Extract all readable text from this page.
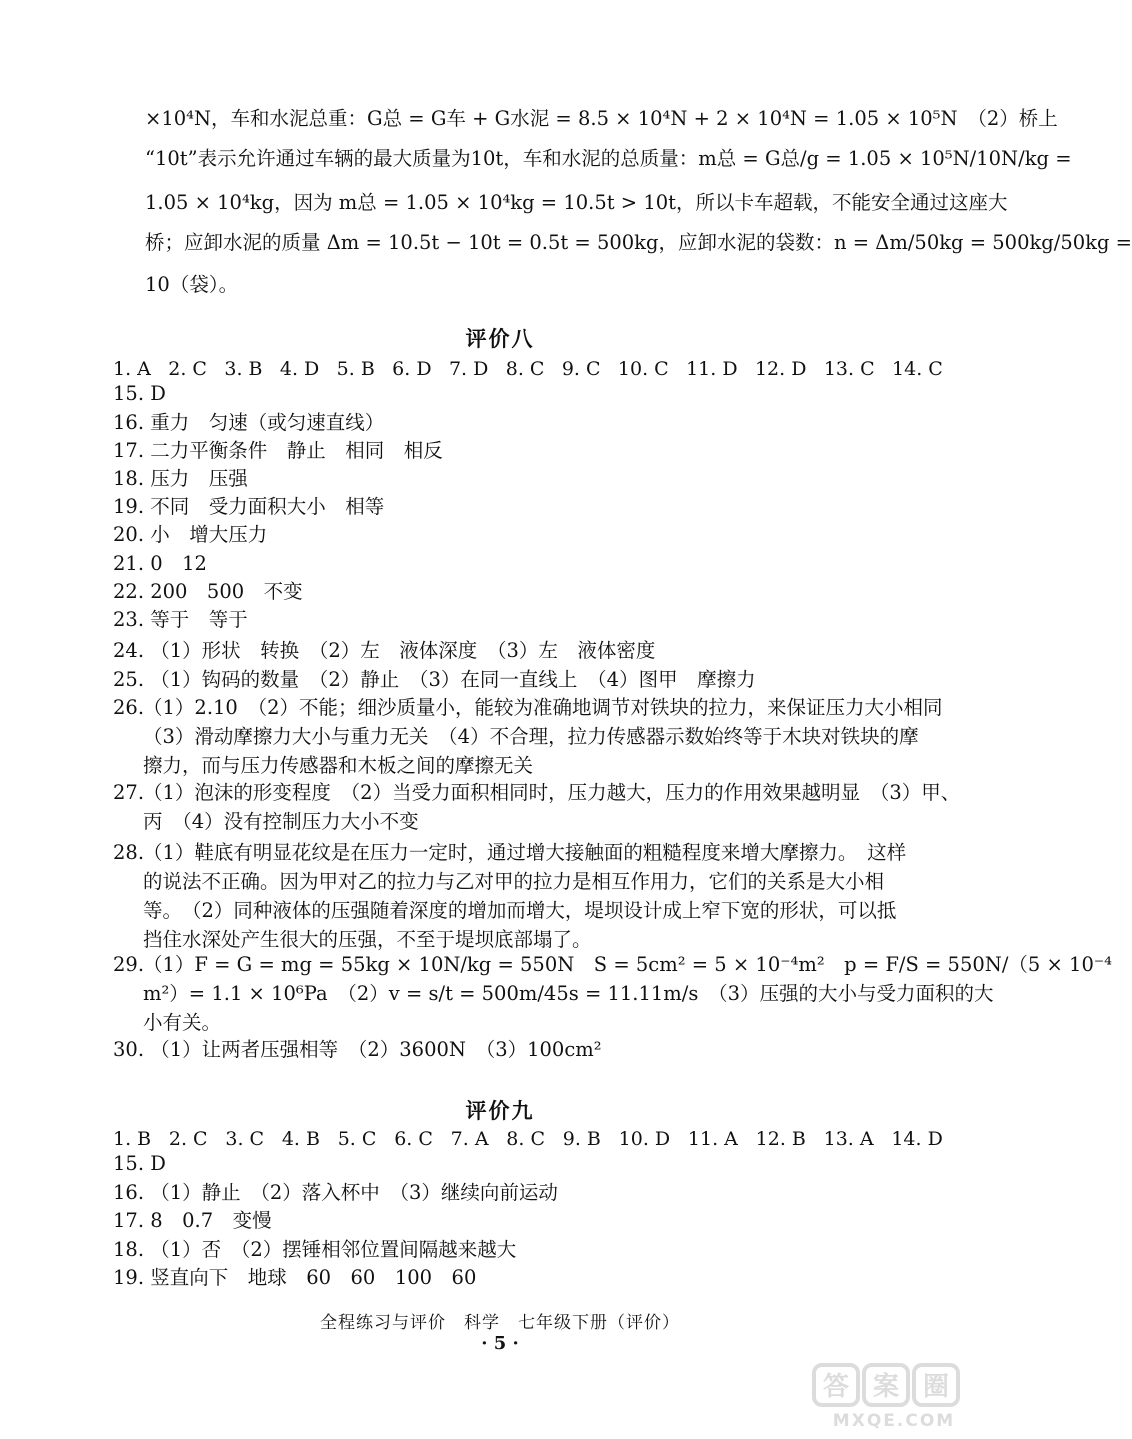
×10⁴N，车和水泥总重：G总 = G车 + G水泥 = 8.5 × 10⁴N + 2 × 10⁴N = 1.05 × 10⁵N　（2）桥上
“10t”表示允许通过车辆的最大质量为10t，车和水泥的总质量：m总 = G总/g = 1.05 × 10⁵N/10N/kg =
1.05 × 10⁴kg，因为 m总 = 1.05 × 10⁴kg = 10.5t > 10t，所以卡车超载，不能安全通过这座大
桥；应卸水泥的质量 Δm = 10.5t − 10t = 0.5t = 500kg，应卸水泥的袋数：n = Δm/50kg = 500kg/50kg =
10（袋）。
评价八
1. A 2. C 3. B 4. D 5. B 6. D 7. D 8. C 9. C 10. C 11. D 12. D 13. C 14. C
15. D
16. 重力　匀速（或匀速直线）
17. 二力平衡条件　静止　相同　相反
18. 压力　压强
19. 不同　受力面积大小　相等
20. 小　增大压力
21. 0　12
22. 200　500　不变
23. 等于　等于
24. （1）形状　转换　（2）左　液体深度　（3）左　液体密度
25. （1）钩码的数量　（2）静止　（3）在同一直线上　（4）图甲　摩擦力
26.
（1）2.10　（2）不能；细沙质量小，能较为准确地调节对铁块的拉力，来保证压力大小相同
（3）滑动摩擦力大小与重力无关　（4）不合理，拉力传感器示数始终等于木块对铁块的摩
擦力，而与压力传感器和木板之间的摩擦无关
27.
（1）泡沫的形变程度　（2）当受力面积相同时，压力越大，压力的作用效果越明显　（3）甲、
丙　（4）没有控制压力大小不变
28.
（1）鞋底有明显花纹是在压力一定时，通过增大接触面的粗糙程度来增大摩擦力。　这样
的说法不正确。因为甲对乙的拉力与乙对甲的拉力是相互作用力，它们的关系是大小相
等。　（2）同种液体的压强随着深度的增加而增大，堤坝设计成上窄下宽的形状，可以抵
挡住水深处产生很大的压强，不至于堤坝底部塌了。
29.
（1）F = G = mg = 55kg × 10N/kg = 550N　S = 5cm² = 5 × 10⁻⁴m²　p = F/S = 550N/（5 × 10⁻⁴
m²）= 1.1 × 10⁶Pa　（2）v = s/t = 500m/45s = 11.11m/s　（3）压强的大小与受力面积的大
小有关。
30. （1）让两者压强相等　（2）3600N　（3）100cm²
评价九
1. B 2. C 3. C 4. B 5. C 6. C 7. A 8. C 9. B 10. D 11. A 12. B 13. A 14. D
15. D
16. （1）静止　（2）落入杯中　（3）继续向前运动
17. 8　0.7　变慢
18. （1）否　（2）摆锤相邻位置间隔越来越大
19. 竖直向下　地球　60　60　100　60
全程练习与评价　科学　七年级下册（评价）
· 5 ·
答 案 圈
MXQE.COM
